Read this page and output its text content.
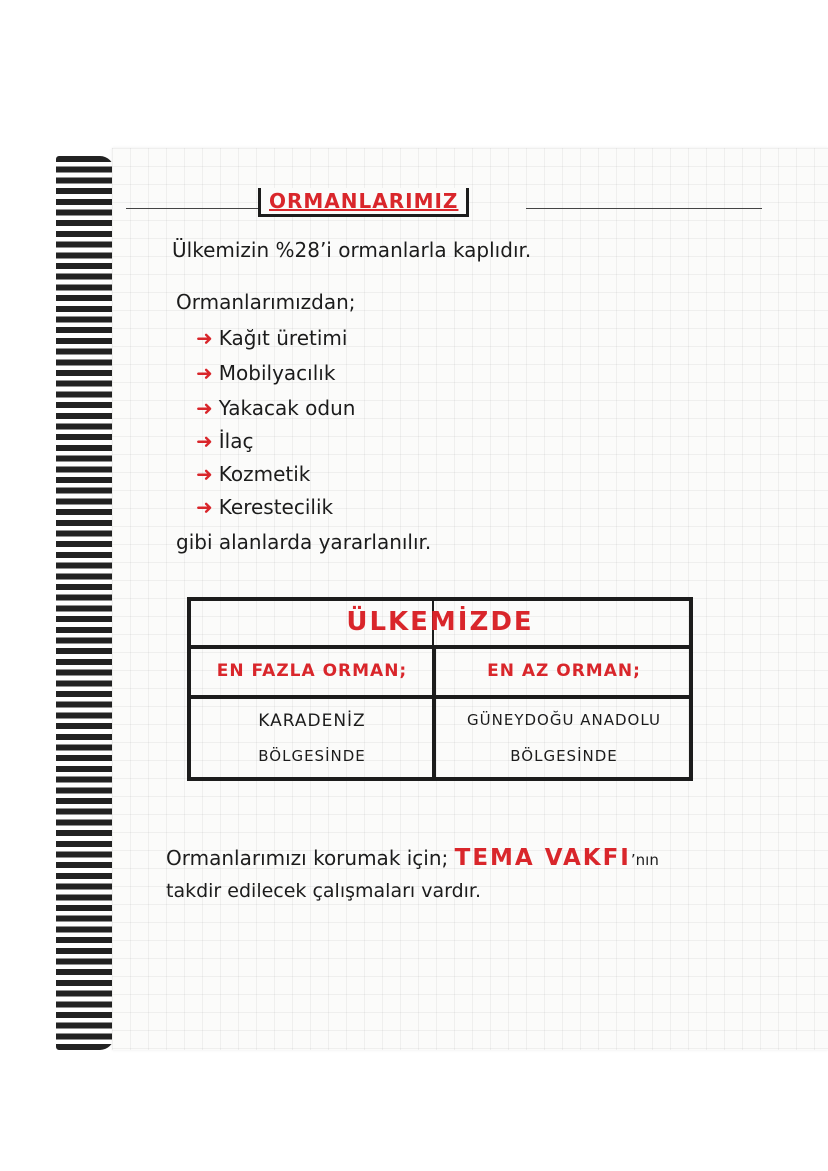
ORMANLARIMIZ
Ülkemizin %28’i ormanlarla kaplıdır.
Ormanlarımızdan;
➜ Kağıt üretimi
➜ Mobilyacılık
➜ Yakacak odun
➜ İlaç
➜ Kozmetik
➜ Kerestecilik
gibi alanlarda yararlanılır.
ÜLKEMİZDE
EN FAZLA ORMAN;	EN AZ ORMAN;
KARADENİZ
BÖLGESİNDE
GÜNEYDOĞU ANADOLU
BÖLGESİNDE
Ormanlarımızı korumak için; TEMA VAKFI’nın
takdir edilecek çalışmaları vardır.
